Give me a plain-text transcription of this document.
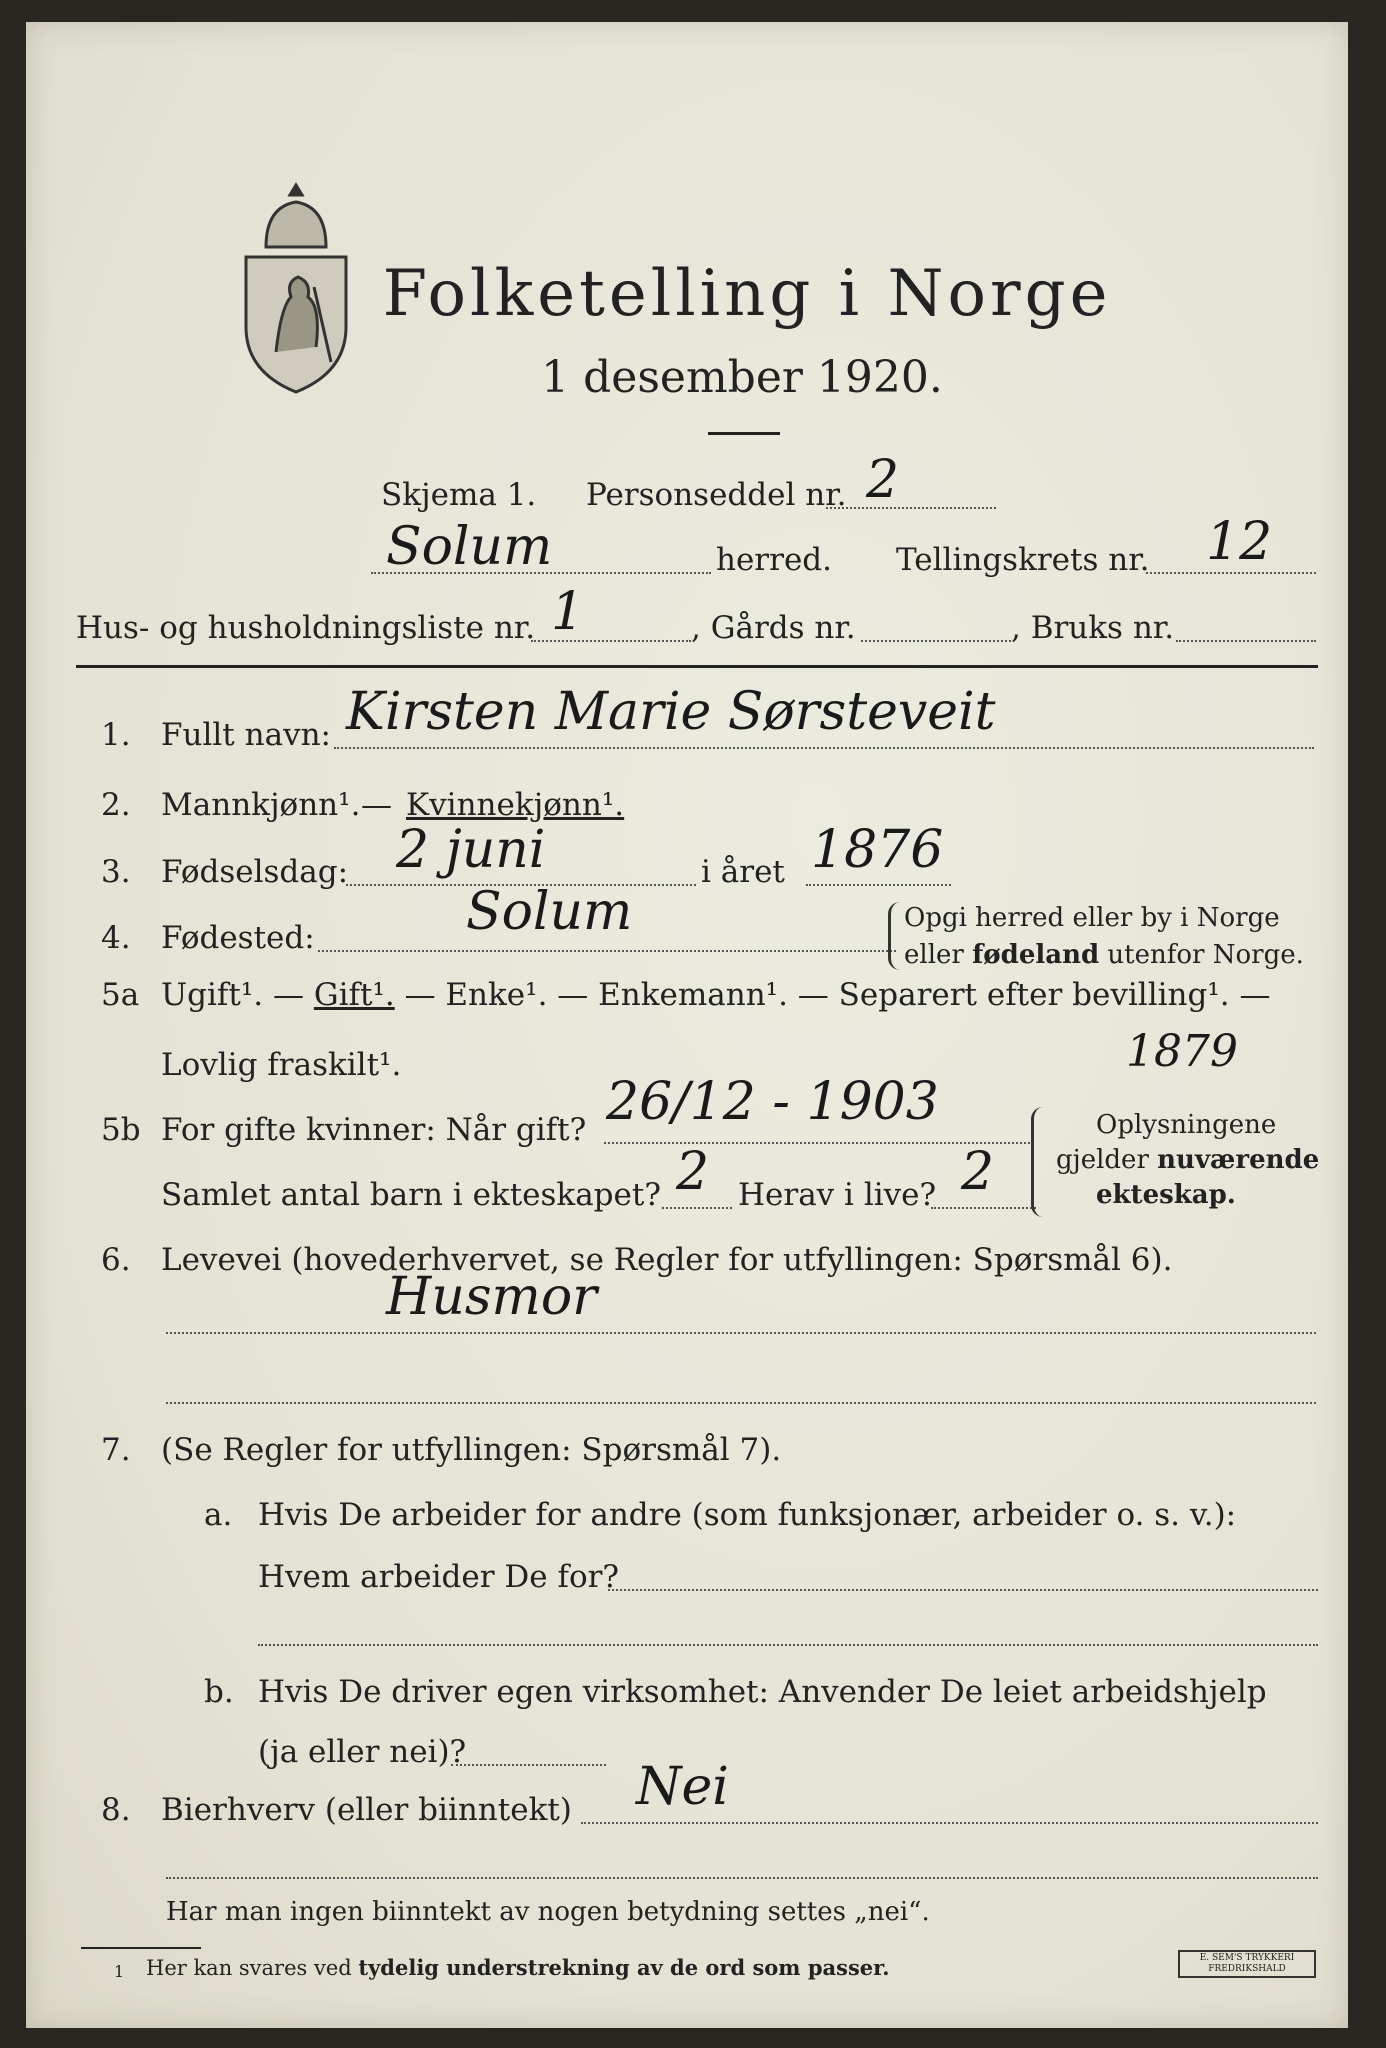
Folketelling i Norge
1 desember 1920.
Skjema 1. Personseddel nr. 2
Solum	herred. Tellingskrets nr. 12
Hus- og husholdningsliste nr. 1	, Gårds nr.	, Bruks nr.
1. Fullt navn: Kirsten Marie Sørsteveit
2. Mannkjønn¹. — Kvinnekjønn¹.
3. Fødselsdag: 2 juni	i året 1876
4. Fødested:	Solum	Opgi herred eller by i Norge
eller fødeland utenfor Norge.
5a Ugift¹. — Gift¹. — Enke¹. — Enkemann¹. — Separert efter bevilling¹. —
Lovlig fraskilt¹.	1879
5b For gifte kvinner: Når gift? 26/12 - 1903
Samlet antal barn i ekteskapet? 2 Herav i live? 2
Oplysningene
gjelder nuværende
ekteskap.
6. Levevei (hovederhvervet, se Regler for utfyllingen: Spørsmål 6).
Husmor
7. (Se Regler for utfyllingen: Spørsmål 7).
a. Hvis De arbeider for andre (som funksjonær, arbeider o. s. v.):
Hvem arbeider De for?
b. Hvis De driver egen virksomhet: Anvender De leiet arbeidshjelp
(ja eller nei)?
8. Bierhverv (eller biinntekt) Nei
Har man ingen biinntekt av nogen betydning settes „nei“.
1 Her kan svares ved tydelig understrekning av de ord som passer.	E. SEM'S TRYKKERI
FREDRIKSHALD
